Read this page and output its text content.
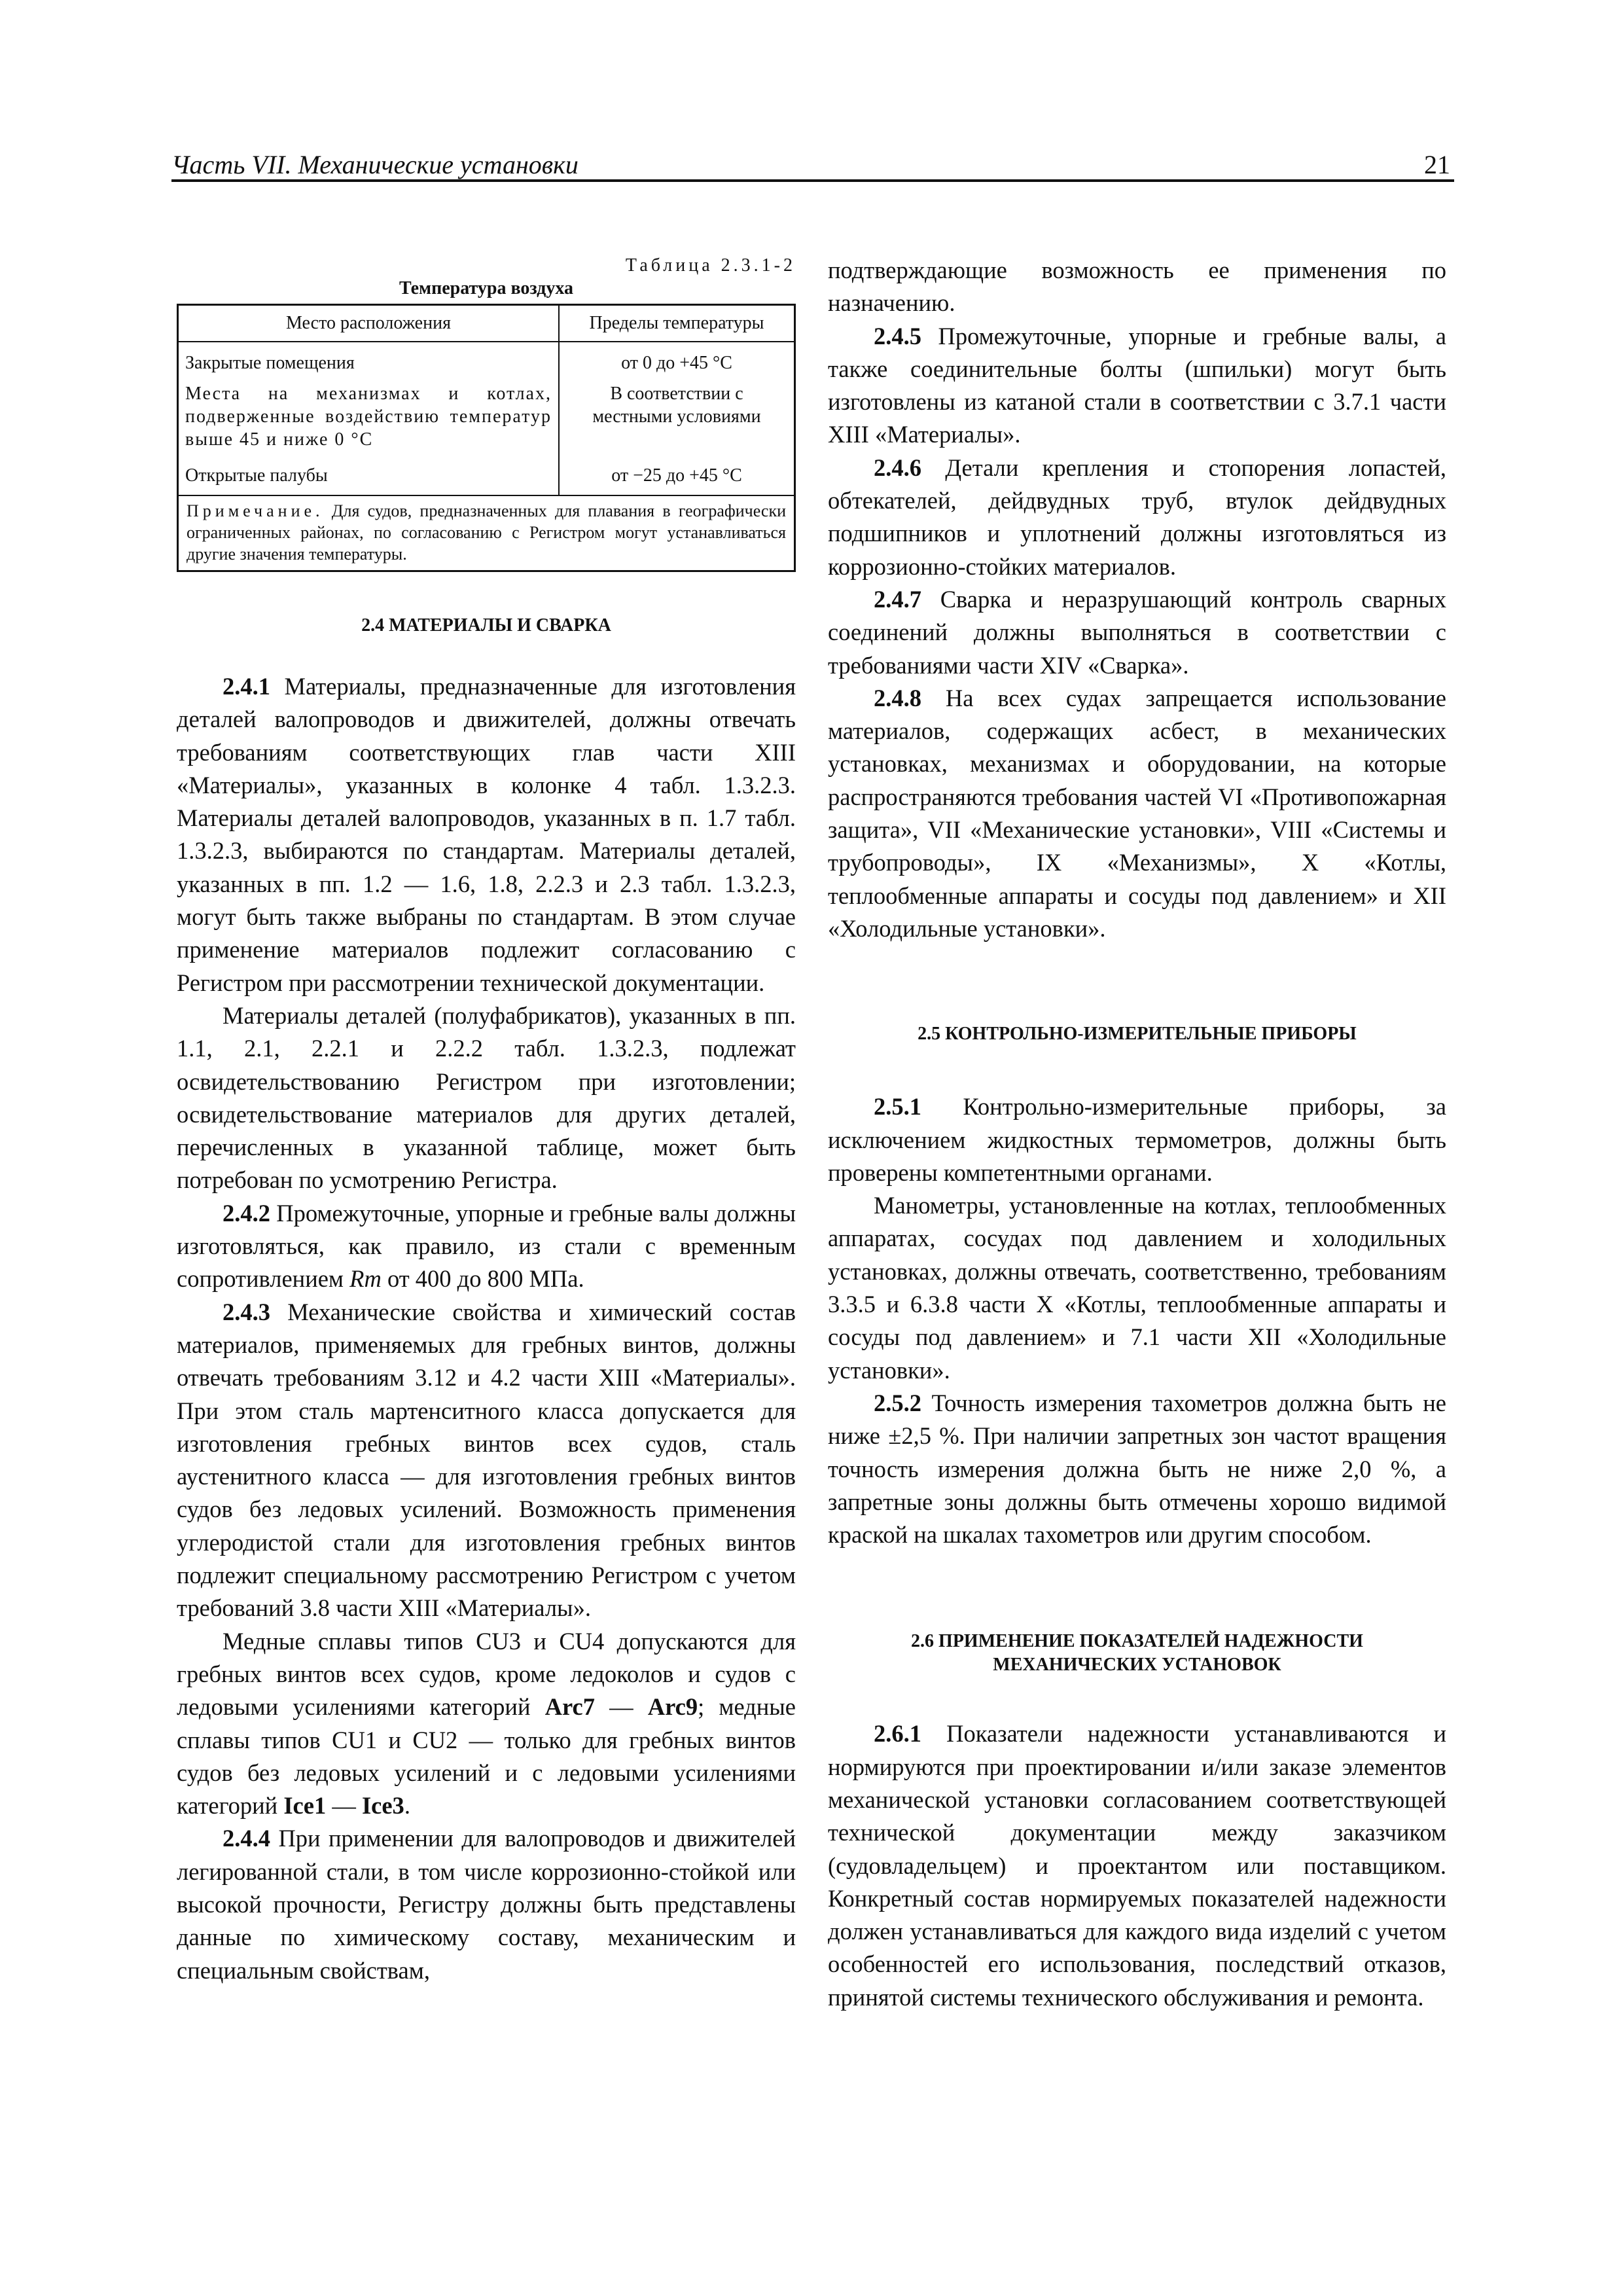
Часть VII. Механические установки	21

Таблица 2.3.1-2

Температура воздуха

Место расположения	Пределы температуры
Закрытые помещения	от 0 до +45 °С
Места на механизмах и котлах, подверженные воздействию температур выше 45 и ниже 0 °С	В соответствии с местными условиями
Открытые палубы	от −25 до +45 °С
Примечание. Для судов, предназначенных для плавания в географически ограниченных районах, по согласованию с Регистром могут устанавливаться другие значения температуры.	
2.4 МАТЕРИАЛЫ И СВАРКА

2.4.1 Материалы, предназначенные для изготовления деталей валопроводов и движителей, должны отвечать требованиям соответствующих глав части XIII «Материалы», указанных в колонке 4 табл. 1.3.2.3. Материалы деталей валопроводов, указанных в п. 1.7 табл. 1.3.2.3, выбираются по стандартам. Материалы деталей, указанных в пп. 1.2 — 1.6, 1.8, 2.2.3 и 2.3 табл. 1.3.2.3, могут быть также выбраны по стандартам. В этом случае применение материалов подлежит согласованию с Регистром при рассмотрении технической документации.

Материалы деталей (полуфабрикатов), указанных в пп. 1.1, 2.1, 2.2.1 и 2.2.2 табл. 1.3.2.3, подлежат освидетельствованию Регистром при изготовлении; освидетельствование материалов для других деталей, перечисленных в указанной таблице, может быть потребован по усмотрению Регистра.

2.4.2 Промежуточные, упорные и гребные валы должны изготовляться, как правило, из стали с временным сопротивлением Rm от 400 до 800 МПа.

2.4.3 Механические свойства и химический состав материалов, применяемых для гребных винтов, должны отвечать требованиям 3.12 и 4.2 части XIII «Материалы». При этом сталь мартенситного класса допускается для изготовления гребных винтов всех судов, сталь аустенитного класса — для изготовления гребных винтов судов без ледовых усилений. Возможность применения углеродистой стали для изготовления гребных винтов подлежит специальному рассмотрению Регистром с учетом требований 3.8 части XIII «Материалы».

Медные сплавы типов CU3 и CU4 допускаются для гребных винтов всех судов, кроме ледоколов и судов с ледовыми усилениями категорий Arc7 — Arc9; медные сплавы типов CU1 и CU2 — только для гребных винтов судов без ледовых усилений и с ледовыми усилениями категорий Ice1 — Ice3.

2.4.4 При применении для валопроводов и движителей легированной стали, в том числе коррозионно-стойкой или высокой прочности, Регистру должны быть представлены данные по химическому составу, механическим и специальным свойствам,

подтверждающие возможность ее применения по назначению.

2.4.5 Промежуточные, упорные и гребные валы, а также соединительные болты (шпильки) могут быть изготовлены из катаной стали в соответствии с 3.7.1 части XIII «Материалы».

2.4.6 Детали крепления и стопорения лопастей, обтекателей, дейдвудных труб, втулок дейдвудных подшипников и уплотнений должны изготовляться из коррозионно-стойких материалов.

2.4.7 Сварка и неразрушающий контроль сварных соединений должны выполняться в соответствии с требованиями части XIV «Сварка».

2.4.8 На всех судах запрещается использование материалов, содержащих асбест, в механических установках, механизмах и оборудовании, на которые распространяются требования частей VI «Противопожарная защита», VII «Механические установки», VIII «Системы и трубопроводы», IX «Механизмы», X «Котлы, теплообменные аппараты и сосуды под давлением» и XII «Холодильные установки».

2.5 КОНТРОЛЬНО-ИЗМЕРИТЕЛЬНЫЕ ПРИБОРЫ

2.5.1 Контрольно-измерительные приборы, за исключением жидкостных термометров, должны быть проверены компетентными органами.

Манометры, установленные на котлах, теплообменных аппаратах, сосудах под давлением и холодильных установках, должны отвечать, соответственно, требованиям 3.3.5 и 6.3.8 части X «Котлы, теплообменные аппараты и сосуды под давлением» и 7.1 части XII «Холодильные установки».

2.5.2 Точность измерения тахометров должна быть не ниже ±2,5 %. При наличии запретных зон частот вращения точность измерения должна быть не ниже 2,0 %, а запретные зоны должны быть отмечены хорошо видимой краской на шкалах тахометров или другим способом.

2.6 ПРИМЕНЕНИЕ ПОКАЗАТЕЛЕЙ НАДЕЖНОСТИ
МЕХАНИЧЕСКИХ УСТАНОВОК

2.6.1 Показатели надежности устанавливаются и нормируются при проектировании и/или заказе элементов механической установки согласованием соответствующей технической документации между заказчиком (судовладельцем) и проектантом или поставщиком. Конкретный состав нормируемых показателей надежности должен устанавливаться для каждого вида изделий с учетом особенностей его использования, последствий отказов, принятой системы технического обслуживания и ремонта.
